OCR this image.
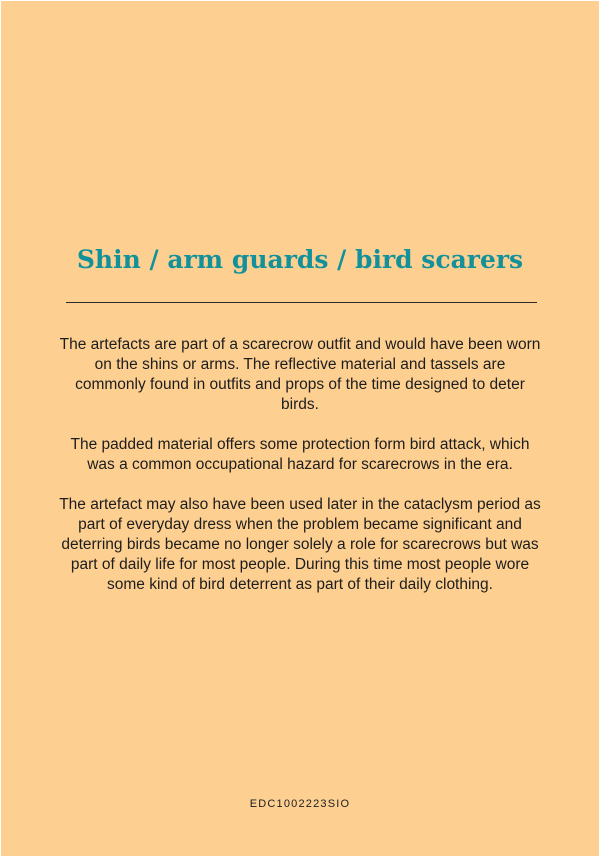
Shin / arm guards / bird scarers

The artefacts are part of a scarecrow outfit and would have been worn on the shins or arms. The reflective material and tassels are commonly found in outfits and props of the time designed to deter birds.

The padded material offers some protection form bird attack, which was a common occupational hazard for scarecrows in the era.

The artefact may also have been used later in the cataclysm period as part of everyday dress when the problem became significant and deterring birds became no longer solely a role for scarecrows but was part of daily life for most people. During this time most people wore some kind of bird deterrent as part of their daily clothing.

EDC1002223SIO
